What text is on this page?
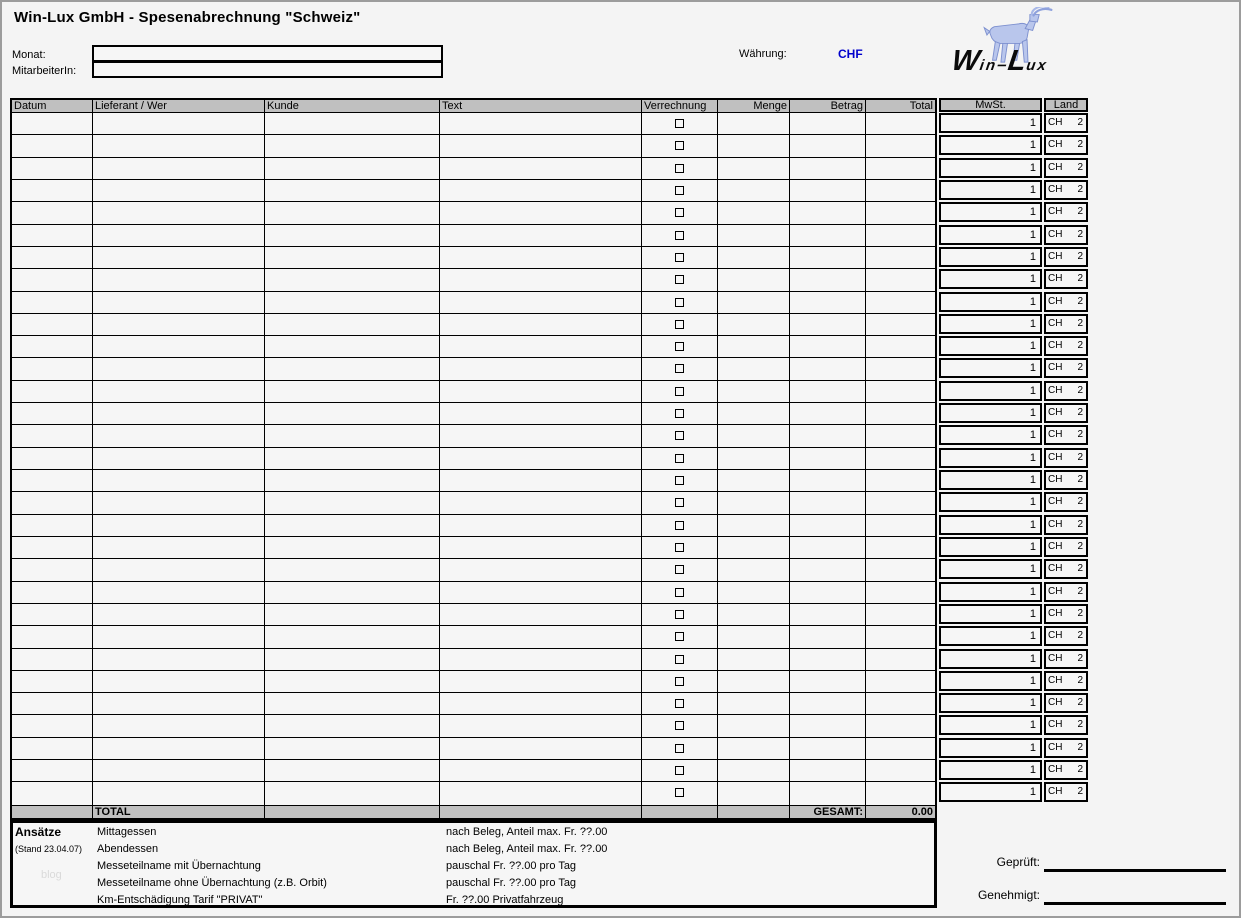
Win-Lux GmbH - Spesenabrechnung "Schweiz"
Monat:
MitarbeiterIn:
Währung:	CHF	Win–Lux
Datum	Lieferant / Wer	Kunde	Text	Verrechnung	Menge	Betrag	Total
TOTAL	GESAMT:	0.00
MwSt.	Land
1	CH 2
1	CH 2
1	CH 2
1	CH 2
1	CH 2
1	CH 2
1	CH 2
1	CH 2
1	CH 2
1	CH 2
1	CH 2
1	CH 2
1	CH 2
1	CH 2
1	CH 2
1	CH 2
1	CH 2
1	CH 2
1	CH 2
1	CH 2
1	CH 2
1	CH 2
1	CH 2
1	CH 2
1	CH 2
1	CH 2
1	CH 2
1	CH 2
1	CH 2
1	CH 2
1	CH 2
Ansätze
(Stand 23.04.07)
blog
Mittagessen	nach Beleg, Anteil max. Fr. ??.00
Abendessen	nach Beleg, Anteil max. Fr. ??.00
Messeteilname mit Übernachtung	pauschal Fr. ??.00 pro Tag
Messeteilname ohne Übernachtung (z.B. Orbit)	pauschal Fr. ??.00 pro Tag
Km-Entschädigung Tarif "PRIVAT"	Fr. ??.00 Privatfahrzeug
Geprüft:
Genehmigt:
